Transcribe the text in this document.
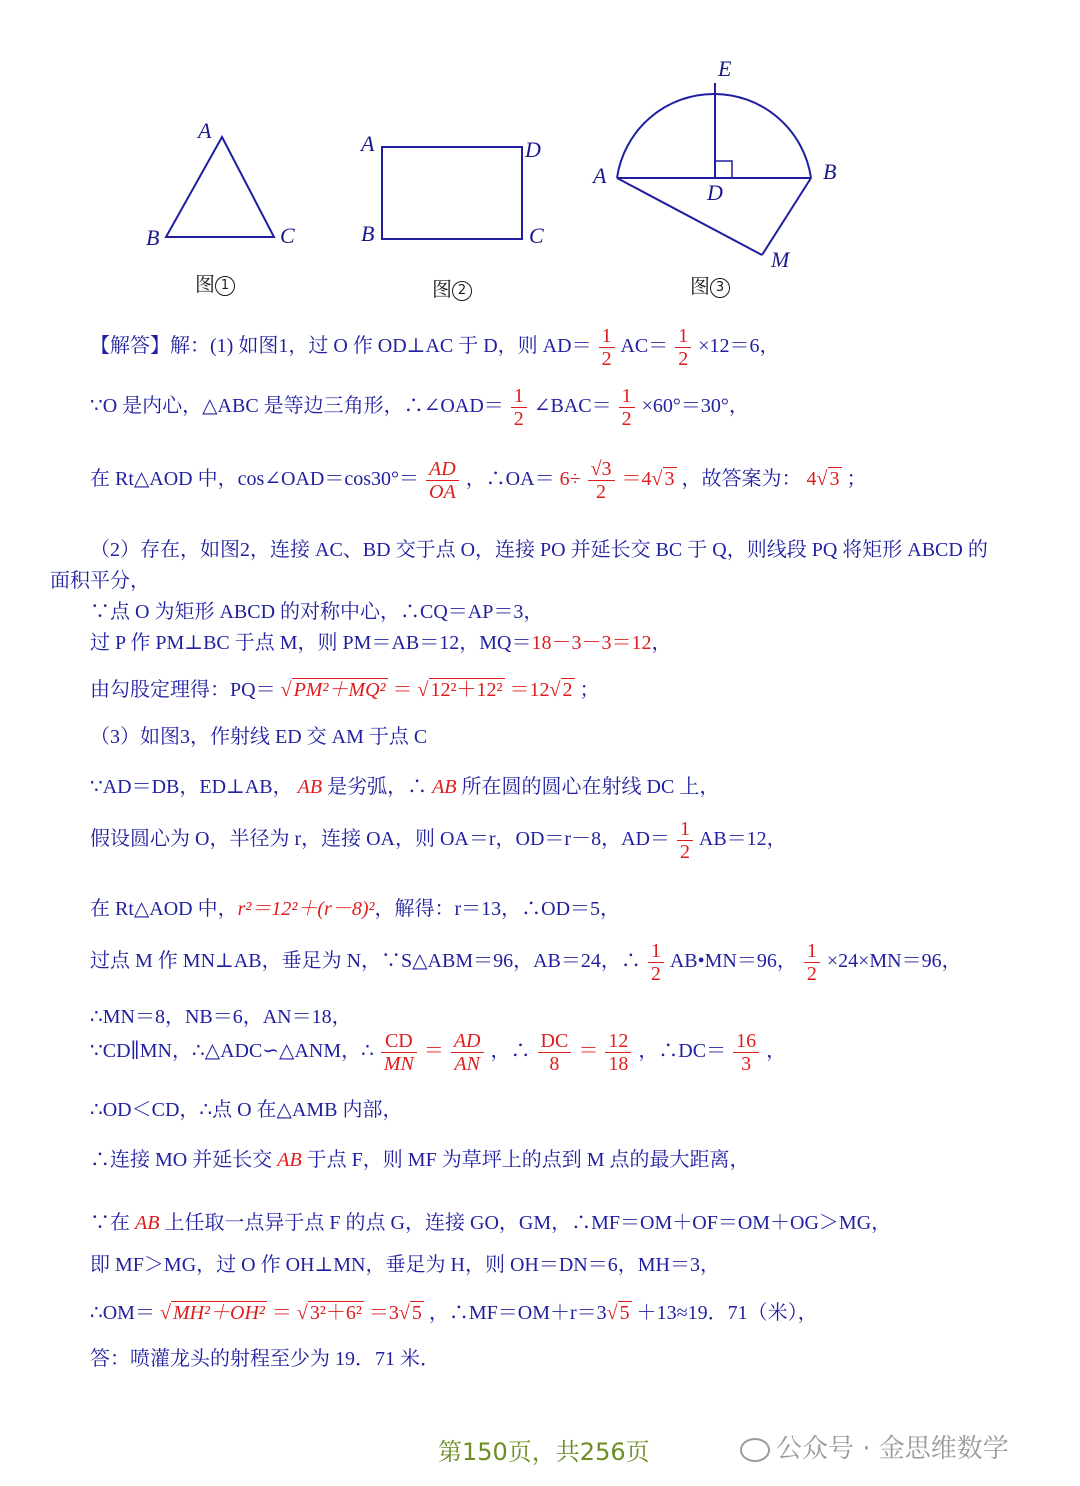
A
B	C
图 1
A	D
B	C
图 2
E
A
D
B
M
图 3
【解答】解：(1) 如图1，过 O 作 OD⊥AC 于 D，则 $AD= \frac{1}{2} AC= \frac{1}{2} \times 12=6$，
∵O 是内心，△ABC 是等边三角形，∴∠OAD＝ $\frac{1}{2}$ ∠BAC＝ $\frac{1}{2} \times 60^\circ=30^\circ$，
在 Rt△AOD 中，cos∠OAD＝cos30°＝ $\frac{AD}{OA}$ ，∴OA＝ $6\div \frac{√3}{2} =4√$ 3 ，故答案为： 4√ 3 ；
（2）存在，如图2，连接 AC、BD 交于点 O，连接 PO 并延长交 BC 于 Q，则线段 PQ 将矩形 ABCD 的
面积平分，
∵点 O 为矩形 ABCD 的对称中心，∴CQ＝AP＝3，
过 P 作 PM⊥BC 于点 M，则 PM＝AB＝12，MQ＝18－3－3＝12，
由勾股定理得：PQ＝ √ PM²＋MQ² ＝ √ 12²＋12² ＝12√ 2 ；
（3）如图3，作射线 ED 交 AM 于点 C
∵AD＝DB，ED⊥AB， AB 是劣弧，∴ AB 所在圆的圆心在射线 DC 上，
假设圆心为 O，半径为 r，连接 OA，则 OA＝r，OD＝r－8，$AD= \frac{1}{2} AB=12$，
在 Rt△AOD 中，r²＝12²＋(r－8)²，解得：r＝13，∴OD＝5，
过点 M 作 MN⊥AB，垂足为 N，∵S△ABM＝96，AB＝24，∴ $\frac{1}{2}$ AB•MN＝96， $\frac{1}{2} \times 24\times MN=96$，
∴MN＝8，NB＝6，AN＝18，
∵CD∥MN，∴△ADC∽△ANM，∴ $\frac{CD}{MN} = \frac{AD}{AN}$ ，∴ $\frac{DC}{8} = \frac{12}{18}$ ，∴DC＝ $\frac{16}{3}$ ，
∴OD＜CD，∴点 O 在△AMB 内部，
∴连接 MO 并延长交 AB 于点 F，则 MF 为草坪上的点到 M 点的最大距离，
∵在 AB 上任取一点异于点 F 的点 G，连接 GO，GM，∴MF＝OM＋OF＝OM＋OG＞MG，
即 MF＞MG，过 O 作 OH⊥MN，垂足为 H，则 OH＝DN＝6，MH＝3，
∴OM＝ √ MH²＋OH² ＝ √ 3²＋6² ＝3√ 5 ，∴MF＝OM＋r＝3√ 5 ＋13≈19．71（米），
答：喷灌龙头的射程至少为 19．71 米．
第150页，共256页	公众号 · 金思维数学
